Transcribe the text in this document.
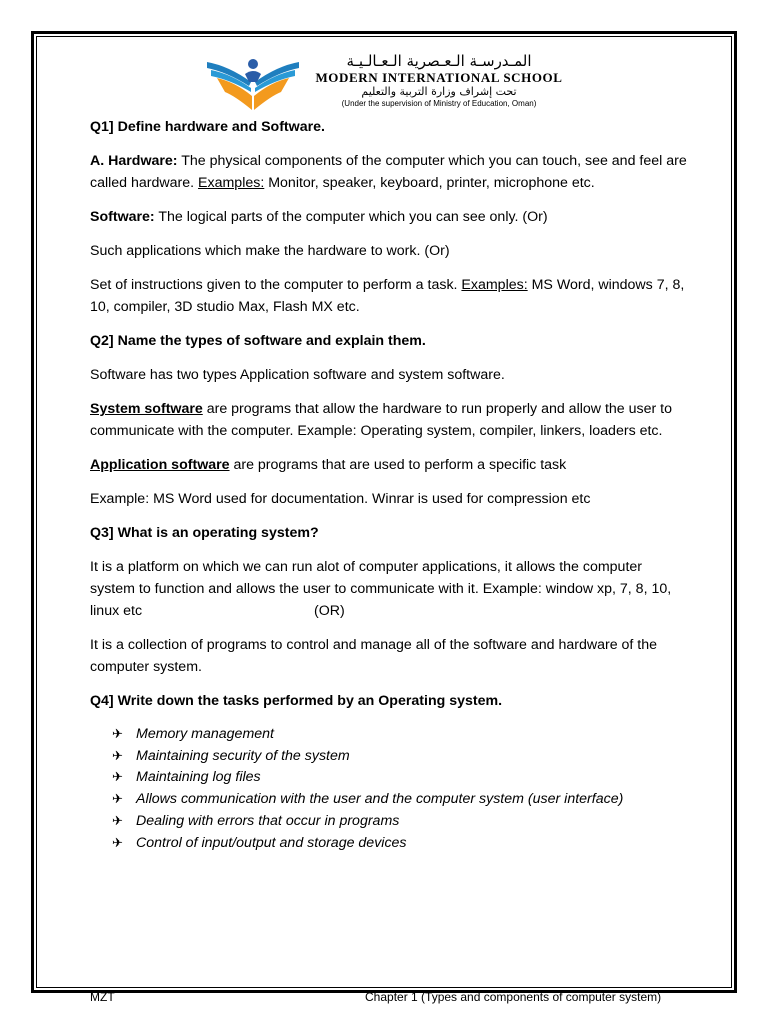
المـدرسـة الـعـصرية الـعـالـيـة
MODERN INTERNATIONAL SCHOOL
تحت إشراف وزارة التربية والتعليم
(Under the supervision of Ministry of Education, Oman)

Q1] Define hardware and Software.

A. Hardware: The physical components of the computer which you can touch, see and feel are called hardware. Examples: Monitor, speaker, keyboard, printer, microphone etc.

Software: The logical parts of the computer which you can see only. (Or)

Such applications which make the hardware to work. (Or)

Set of instructions given to the computer to perform a task. Examples: MS Word, windows 7, 8, 10, compiler, 3D studio Max, Flash MX etc.

Q2] Name the types of software and explain them.

Software has two types Application software and system software.

System software are programs that allow the hardware to run properly and allow the user to communicate with the computer. Example: Operating system, compiler, linkers, loaders etc.

Application software are programs that are used to perform a specific task

Example: MS Word used for documentation. Winrar is used for compression etc

Q3] What is an operating system?

It is a platform on which we can run alot of computer applications, it allows the computer system to function and allows the user to communicate with it. Example: window xp, 7, 8, 10, linux etc	(OR)

It is a collection of programs to control and manage all of the software and hardware of the computer system.

Q4] Write down the tasks performed by an Operating system.

✈ Memory management
✈ Maintaining security of the system
✈ Maintaining log files
✈ Allows communication with the user and the computer system (user interface)
✈ Dealing with errors that occur in programs
✈ Control of input/output and storage devices
MZT	Chapter 1 (Types and components of computer system)
